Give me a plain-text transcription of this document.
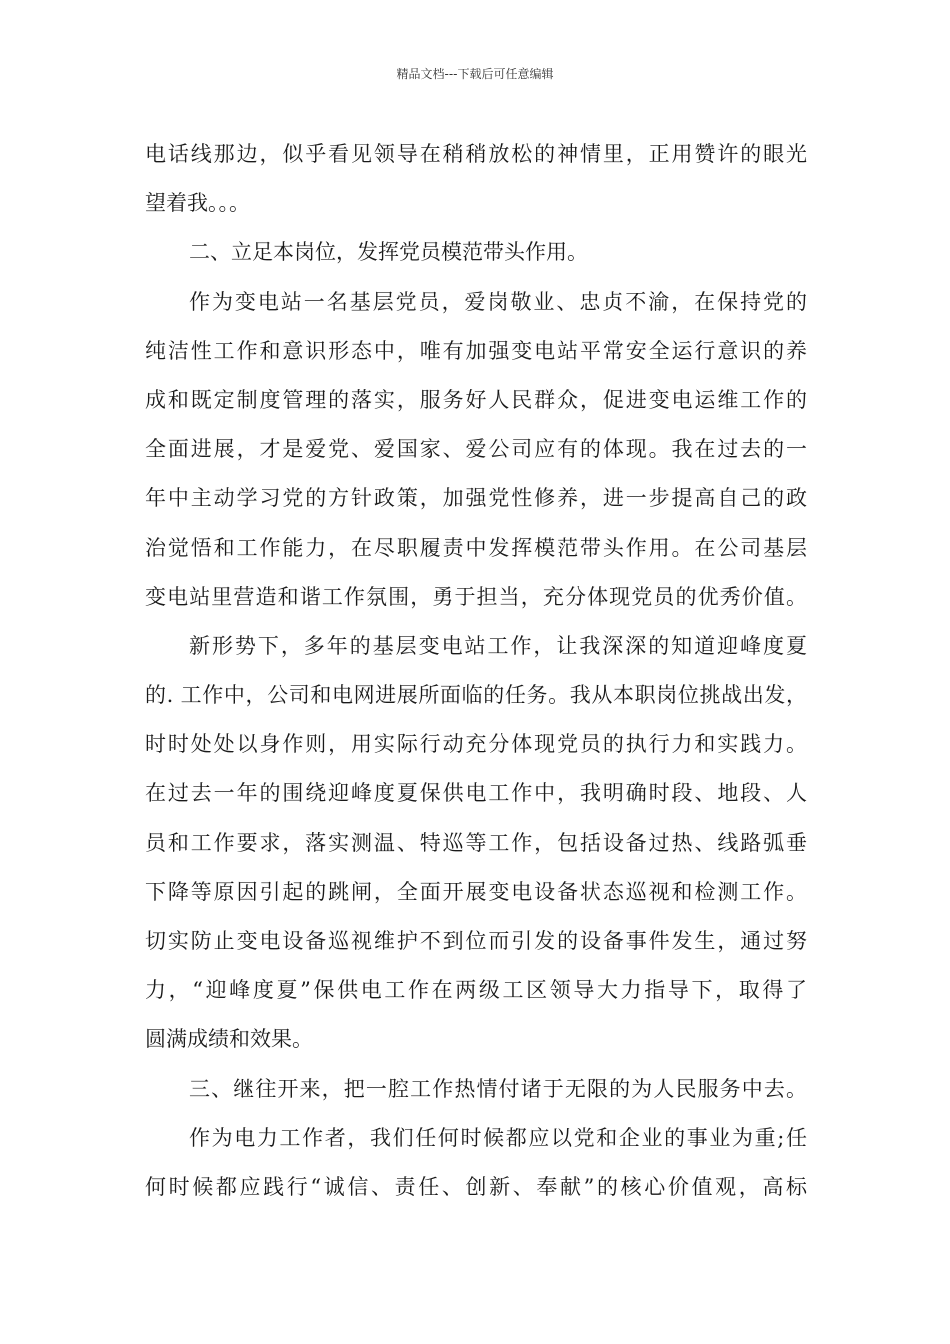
精品文档---下载后可任意编辑
电话线那边，似乎看见领导在稍稍放松的神情里，正用赞许的眼光
望着我。。。
二、立足本岗位，发挥党员模范带头作用。
作为变电站一名基层党员，爱岗敬业、忠贞不渝，在保持党的
纯洁性工作和意识形态中，唯有加强变电站平常安全运行意识的养
成和既定制度管理的落实，服务好人民群众，促进变电运维工作的
全面进展，才是爱党、爱国家、爱公司应有的体现。我在过去的一
年中主动学习党的方针政策，加强党性修养，进一步提高自己的政
治觉悟和工作能力，在尽职履责中发挥模范带头作用。在公司基层
变电站里营造和谐工作氛围，勇于担当，充分体现党员的优秀价值。
新形势下，多年的基层变电站工作，让我深深的知道迎峰度夏
的. 工作中，公司和电网进展所面临的任务。我从本职岗位挑战出发，
时时处处以身作则，用实际行动充分体现党员的执行力和实践力。
在过去一年的围绕迎峰度夏保供电工作中，我明确时段、地段、人
员和工作要求，落实测温、特巡等工作，包括设备过热、线路弧垂
下降等原因引起的跳闸，全面开展变电设备状态巡视和检测工作。
切实防止变电设备巡视维护不到位而引发的设备事件发生，通过努
力，“迎峰度夏”保供电工作在两级工区领导大力指导下，取得了
圆满成绩和效果。
三、继往开来，把一腔工作热情付诸于无限的为人民服务中去。
作为电力工作者，我们任何时候都应以党和企业的事业为重;任
何时候都应践行“诚信、责任、创新、奉献”的核心价值观，高标
